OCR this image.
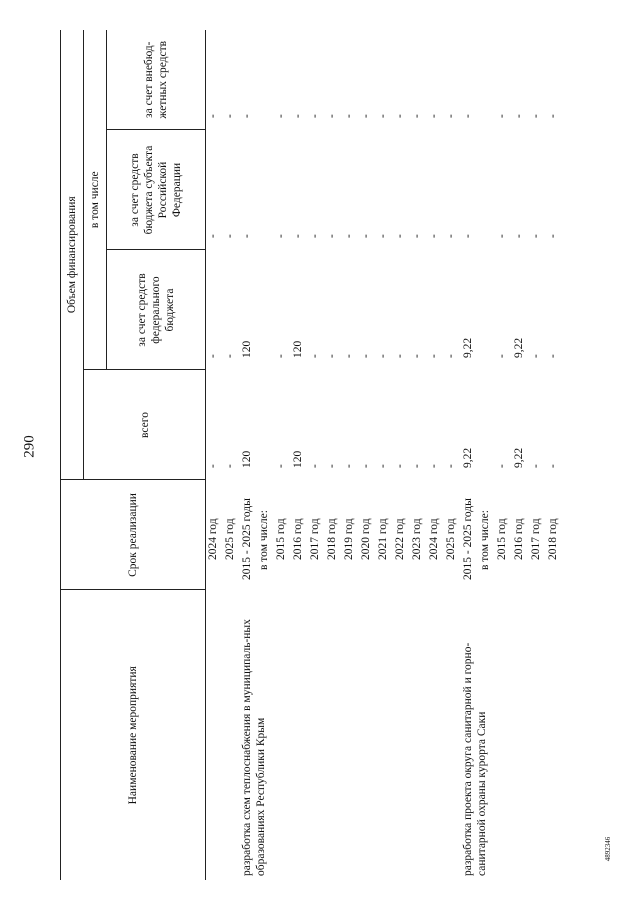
290
4892346
Наименование мероприятия	Срок реализации	Объем финансирования			
		всего	в том числе		
			за счет средств федерального бюджета	за счет средств бюджета субъекта Российской Федерации	за счет внебюд-жетных средств
	2024 год	-	-	-	-
	2025 год	-	-	-	-
разработка схем теплоснабжения в муниципаль-ных образованиях Республики Крым	2015 - 2025 годы	120	120	-	-
	в том числе:				
	2015 год	-	-	-	-
	2016 год	120	120	-	-
	2017 год	-	-	-	-
	2018 год	-	-	-	-
	2019 год	-	-	-	-
	2020 год	-	-	-	-
	2021 год	-	-	-	-
	2022 год	-	-	-	-
	2023 год	-	-	-	-
	2024 год	-	-	-	-
	2025 год	-	-	-	-
разработка проекта округа санитарной и горно-санитарной охраны курорта Саки	2015 - 2025 годы	9,22	9,22	-	-
	в том числе:				
	2015 год	-	-	-	-
	2016 год	9,22	9,22	-	-
	2017 год	-	-	-	-
	2018 год	-	-	-	-
